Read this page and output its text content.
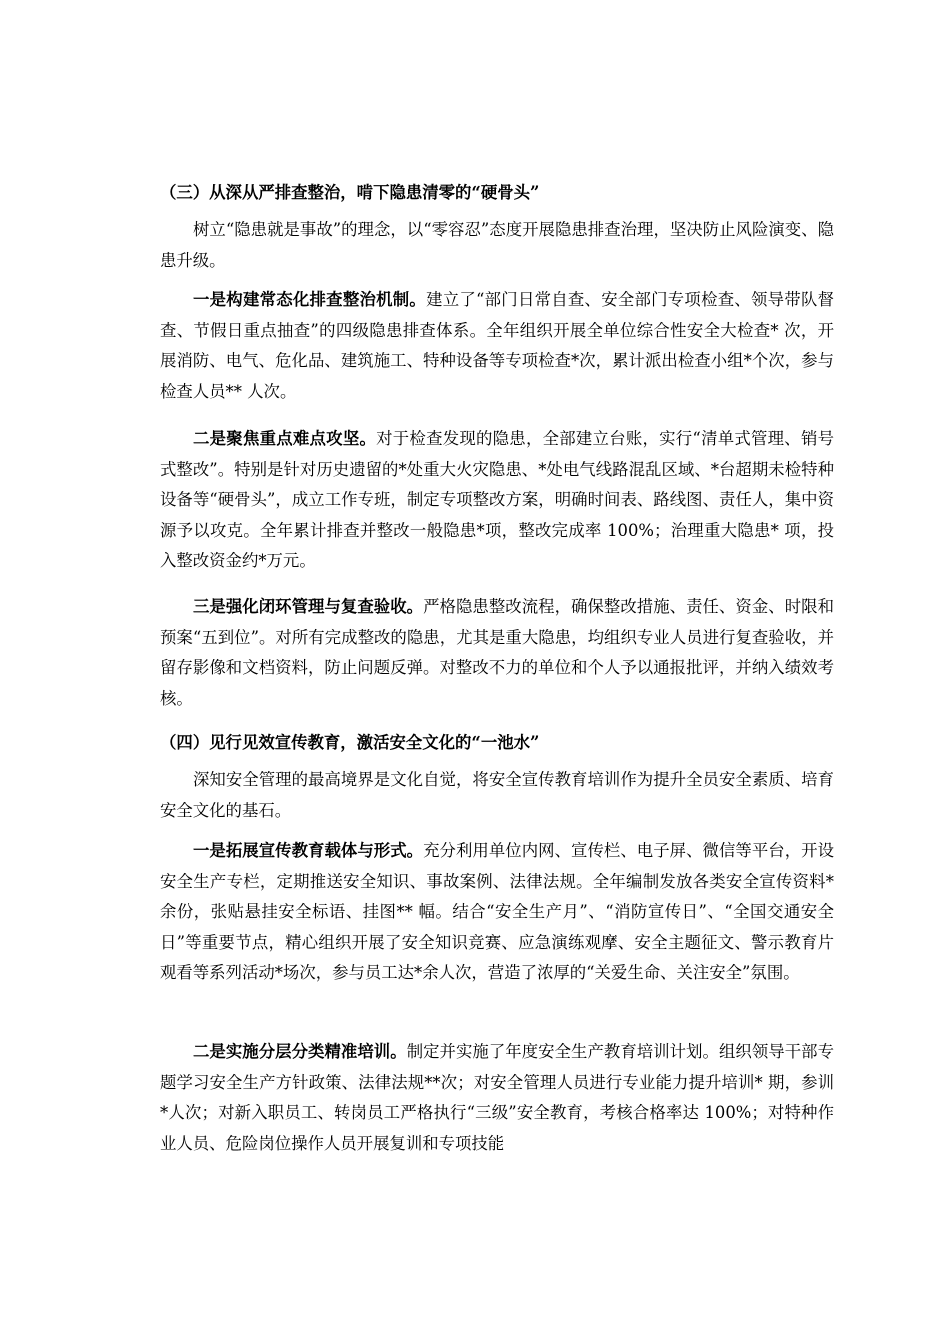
（三）从深从严排查整治，啃下隐患清零的“硬骨头”

树立“隐患就是事故”的理念，以“零容忍”态度开展隐患排查治理，坚决防止风险演变、隐患升级。

一是构建常态化排查整治机制。建立了“部门日常自查、安全部门专项检查、领导带队督查、节假日重点抽查”的四级隐患排查体系。全年组织开展全单位综合性安全大检查* 次，开展消防、电气、危化品、建筑施工、特种设备等专项检查*次，累计派出检查小组*个次，参与检查人员** 人次。

二是聚焦重点难点攻坚。对于检查发现的隐患，全部建立台账，实行“清单式管理、销号式整改”。特别是针对历史遗留的*处重大火灾隐患、*处电气线路混乱区域、*台超期未检特种设备等“硬骨头”，成立工作专班，制定专项整改方案，明确时间表、路线图、责任人，集中资源予以攻克。全年累计排查并整改一般隐患*项，整改完成率 100%；治理重大隐患* 项，投入整改资金约*万元。

三是强化闭环管理与复查验收。严格隐患整改流程，确保整改措施、责任、资金、时限和预案“五到位”。对所有完成整改的隐患，尤其是重大隐患，均组织专业人员进行复查验收，并留存影像和文档资料，防止问题反弹。对整改不力的单位和个人予以通报批评，并纳入绩效考核。

（四）见行见效宣传教育，激活安全文化的“一池水”

深知安全管理的最高境界是文化自觉，将安全宣传教育培训作为提升全员安全素质、培育安全文化的基石。

一是拓展宣传教育载体与形式。充分利用单位内网、宣传栏、电子屏、微信等平台，开设安全生产专栏，定期推送安全知识、事故案例、法律法规。全年编制发放各类安全宣传资料*余份，张贴悬挂安全标语、挂图** 幅。结合“安全生产月”、“消防宣传日”、“全国交通安全日”等重要节点，精心组织开展了安全知识竞赛、应急演练观摩、安全主题征文、警示教育片观看等系列活动*场次，参与员工达*余人次，营造了浓厚的“关爱生命、关注安全”氛围。

二是实施分层分类精准培训。制定并实施了年度安全生产教育培训计划。组织领导干部专题学习安全生产方针政策、法律法规**次；对安全管理人员进行专业能力提升培训* 期，参训*人次；对新入职员工、转岗员工严格执行“三级”安全教育，考核合格率达 100%；对特种作业人员、危险岗位操作人员开展复训和专项技能
